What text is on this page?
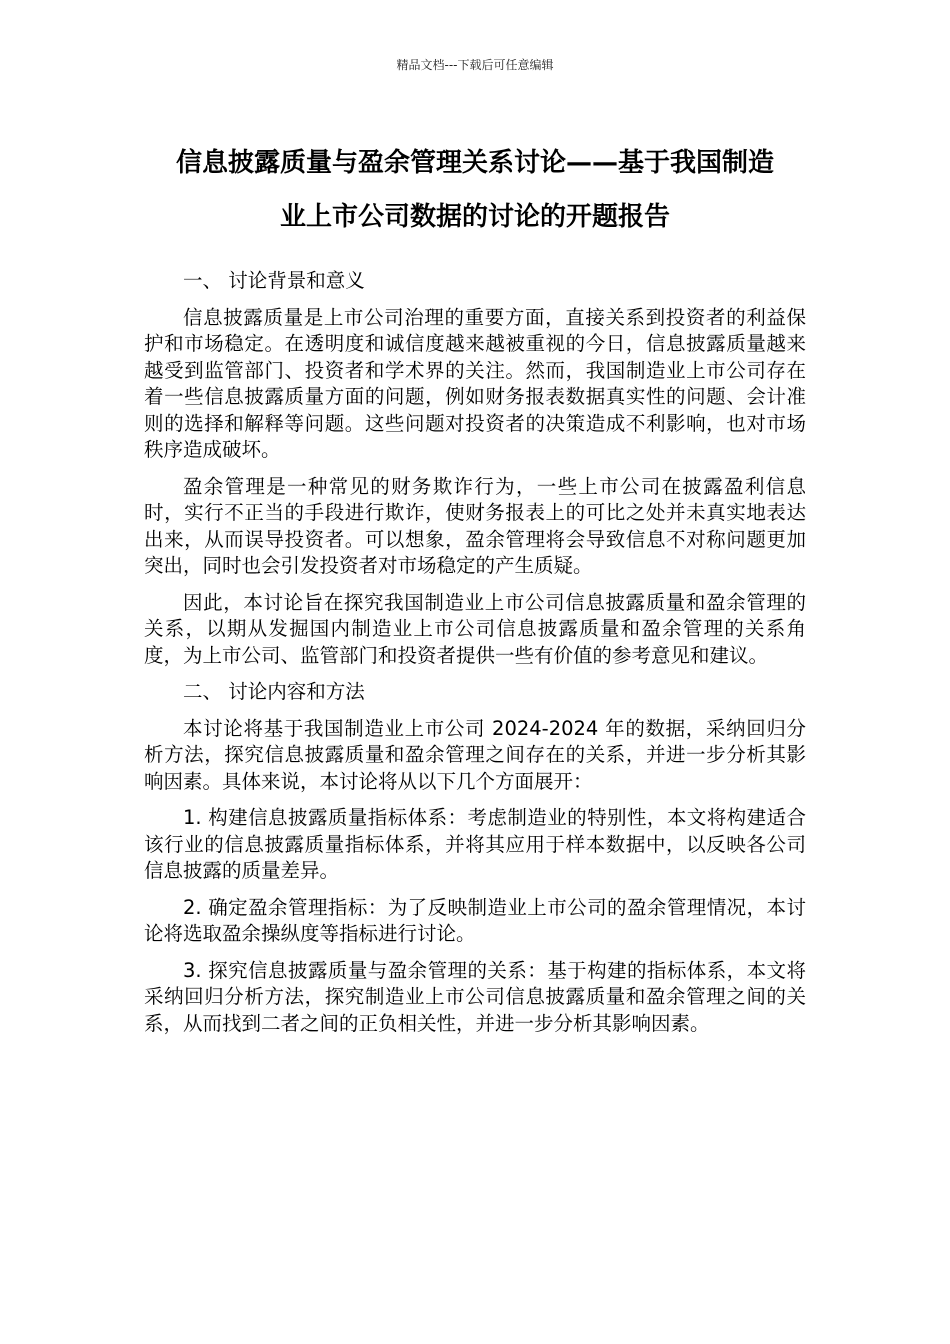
精品文档---下载后可任意编辑
信息披露质量与盈余管理关系讨论——基于我国制造
业上市公司数据的讨论的开题报告
一、 讨论背景和意义

信息披露质量是上市公司治理的重要方面，直接关系到投资者的利益保护和市场稳定。在透明度和诚信度越来越被重视的今日，信息披露质量越来越受到监管部门、投资者和学术界的关注。然而，我国制造业上市公司存在着一些信息披露质量方面的问题，例如财务报表数据真实性的问题、会计准则的选择和解释等问题。这些问题对投资者的决策造成不利影响，也对市场秩序造成破坏。

盈余管理是一种常见的财务欺诈行为，一些上市公司在披露盈利信息时，实行不正当的手段进行欺诈，使财务报表上的可比之处并未真实地表达出来，从而误导投资者。可以想象，盈余管理将会导致信息不对称问题更加突出，同时也会引发投资者对市场稳定的产生质疑。

因此，本讨论旨在探究我国制造业上市公司信息披露质量和盈余管理的关系，以期从发掘国内制造业上市公司信息披露质量和盈余管理的关系角度，为上市公司、监管部门和投资者提供一些有价值的参考意见和建议。

二、 讨论内容和方法

本讨论将基于我国制造业上市公司 2024-2024 年的数据，采纳回归分析方法，探究信息披露质量和盈余管理之间存在的关系，并进一步分析其影响因素。具体来说，本讨论将从以下几个方面展开：

1. 构建信息披露质量指标体系：考虑制造业的特别性，本文将构建适合该行业的信息披露质量指标体系，并将其应用于样本数据中，以反映各公司信息披露的质量差异。

2. 确定盈余管理指标：为了反映制造业上市公司的盈余管理情况，本讨论将选取盈余操纵度等指标进行讨论。

3. 探究信息披露质量与盈余管理的关系：基于构建的指标体系，本文将采纳回归分析方法，探究制造业上市公司信息披露质量和盈余管理之间的关系，从而找到二者之间的正负相关性，并进一步分析其影响因素。
